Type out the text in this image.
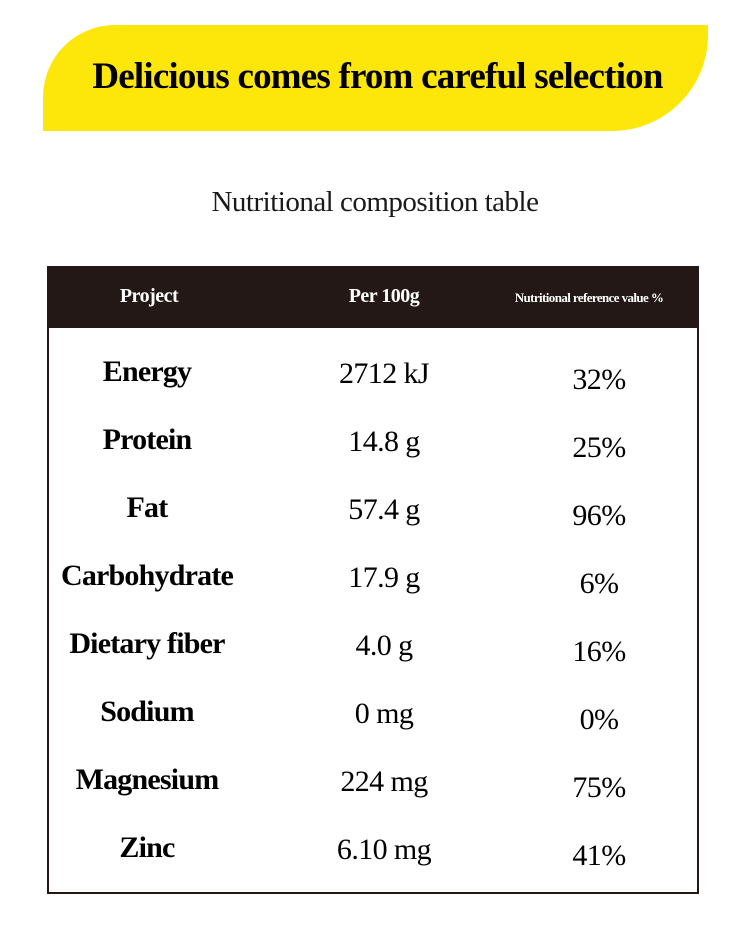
Delicious comes from careful selection
Nutritional composition table
Project	Per 100g	Nutritional reference value %
Energy	2712 kJ	32%
Protein	14.8 g	25%
Fat	57.4 g	96%
Carbohydrate	17.9 g	6%
Dietary fiber	4.0 g	16%
Sodium	0 mg	0%
Magnesium	224 mg	75%
Zinc	6.10 mg	41%
